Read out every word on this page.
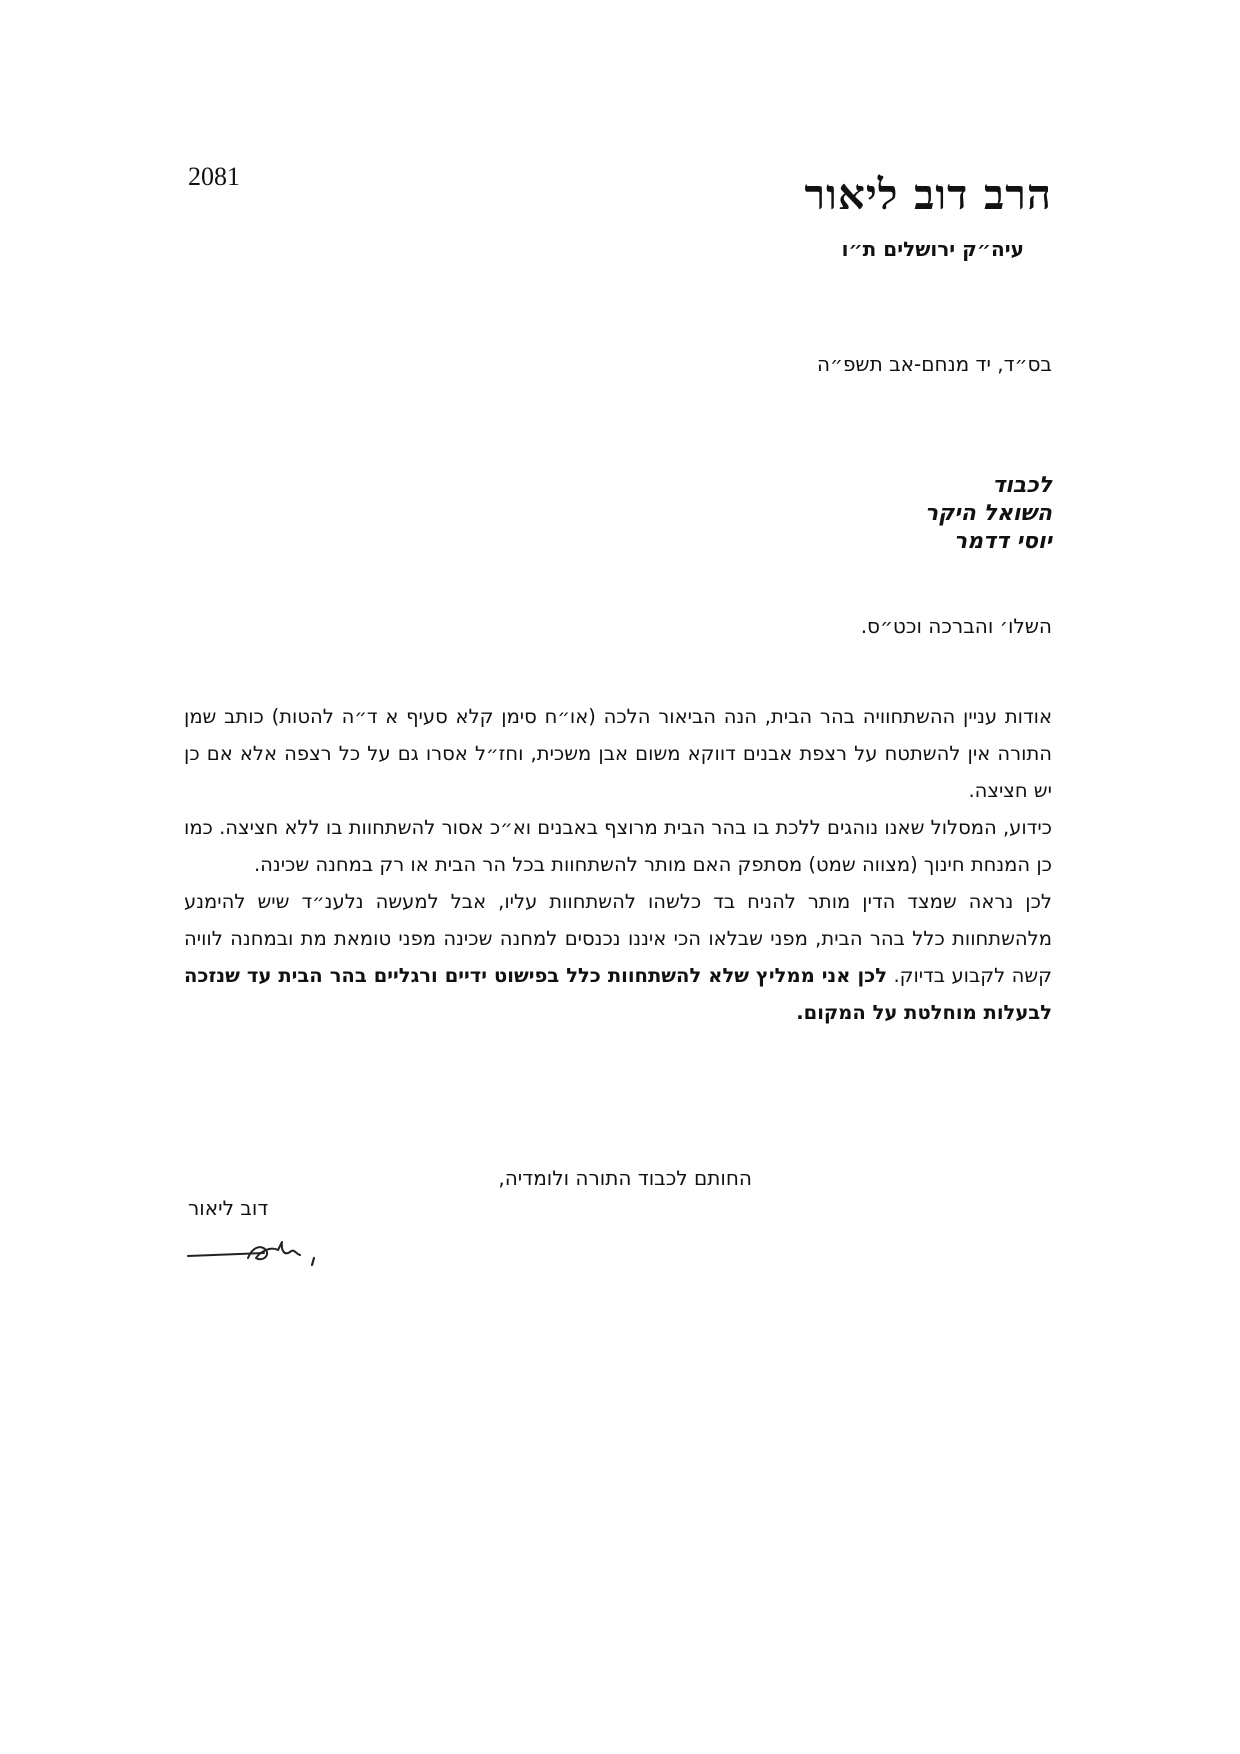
2081	הרב דוב ליאור
עיה״ק ירושלים ת״ו
בס״ד, יד מנחם-אב תשפ״ה
לכבוד
השואל היקר
יוסי דדמר
השלו׳ והברכה וכט״ס.

אודות עניין ההשתחוויה בהר הבית, הנה הביאור הלכה (או״ח סימן קלא סעיף א ד״ה להטות) כותב שמן התורה אין להשתטח על רצפת אבנים דווקא משום אבן משכית, וחז״ל אסרו גם על כל רצפה אלא אם כן יש חציצה.

כידוע, המסלול שאנו נוהגים ללכת בו בהר הבית מרוצף באבנים וא״כ אסור להשתחוות בו ללא חציצה. כמו כן המנחת חינוך (מצווה שמט) מסתפק האם מותר להשתחוות בכל הר הבית או רק במחנה שכינה.

לכן נראה שמצד הדין מותר להניח בד כלשהו להשתחוות עליו, אבל למעשה נלענ״ד שיש להימנע מלהשתחוות כלל בהר הבית, מפני שבלאו הכי איננו נכנסים למחנה שכינה מפני טומאת מת ובמחנה לוויה קשה לקבוע בדיוק. לכן אני ממליץ שלא להשתחוות כלל בפישוט ידיים ורגליים בהר הבית עד שנזכה לבעלות מוחלטת על המקום.

החותם לכבוד התורה ולומדיה,
דוב ליאור
